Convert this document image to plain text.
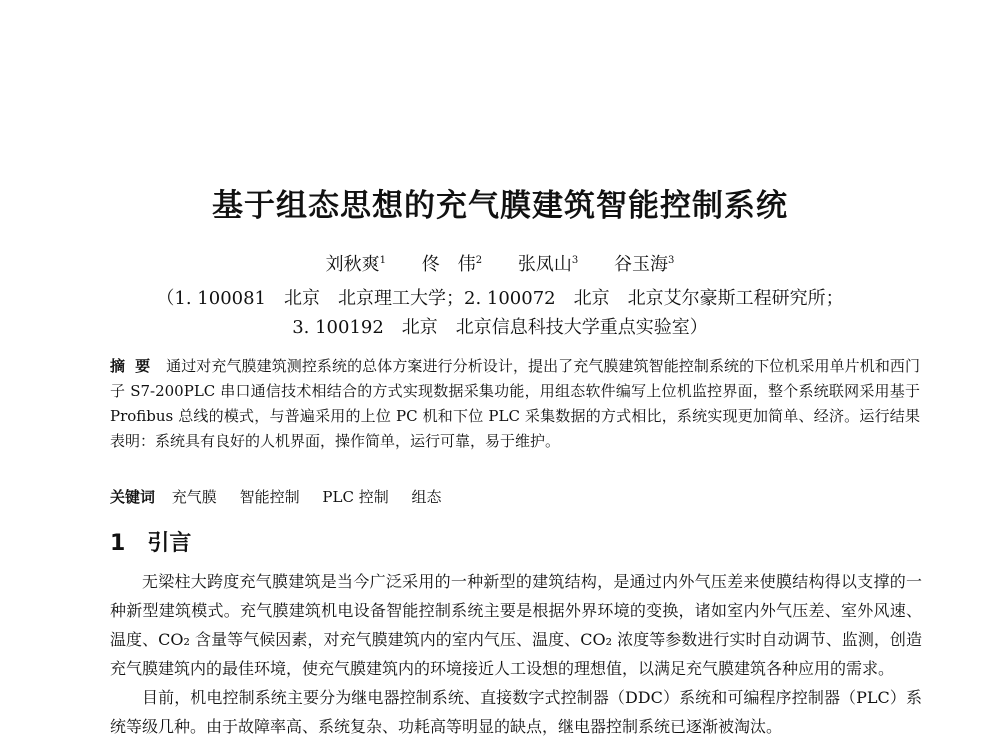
基于组态思想的充气膜建筑智能控制系统
刘秋爽$^1$ 佟　伟$^2$ 张凤山$^3$ 谷玉海$^3$
（1. 100081　北京　北京理工大学；2. 100072　北京　北京艾尔豪斯工程研究所；
3. 100192　北京　北京信息科技大学重点实验室）
摘要 通过对充气膜建筑测控系统的总体方案进行分析设计，提出了充气膜建筑智能控制系统的下位机采用单片机和西门子 S7-200PLC 串口通信技术相结合的方式实现数据采集功能，用组态软件编写上位机监控界面，整个系统联网采用基于 Profibus 总线的模式，与普遍采用的上位 PC 机和下位 PLC 采集数据的方式相比，系统实现更加简单、经济。运行结果表明：系统具有良好的人机界面，操作简单，运行可靠，易于维护。
关键词 充气膜 智能控制 PLC 控制 组态
1 引言

无梁柱大跨度充气膜建筑是当今广泛采用的一种新型的建筑结构，是通过内外气压差来使膜结构得以支撑的一种新型建筑模式。充气膜建筑机电设备智能控制系统主要是根据外界环境的变换，诸如室内外气压差、室外风速、温度、CO₂ 含量等气候因素，对充气膜建筑内的室内气压、温度、CO₂ 浓度等参数进行实时自动调节、监测，创造充气膜建筑内的最佳环境，使充气膜建筑内的环境接近人工设想的理想值，以满足充气膜建筑各种应用的需求。

目前，机电控制系统主要分为继电器控制系统、直接数字式控制器（DDC）系统和可编程序控制器（PLC）系统等级几种。由于故障率高、系统复杂、功耗高等明显的缺点，继电器控制系统已逐渐被淘汰。
